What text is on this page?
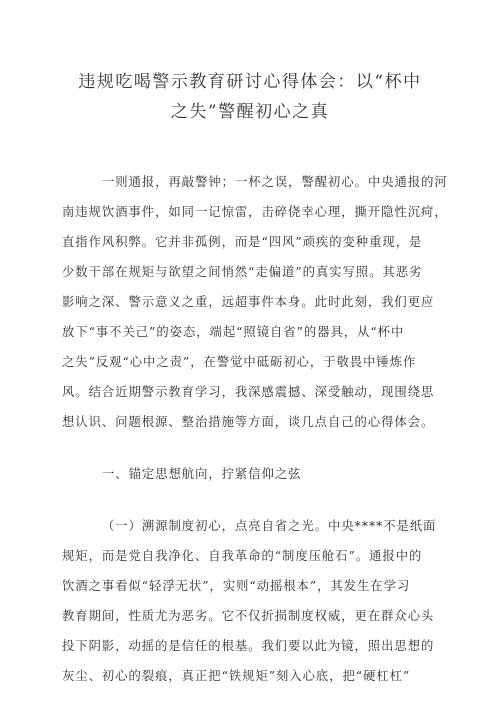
违规吃喝警示教育研讨心得体会：以“杯中
之失”警醒初心之真

一则通报，再敲警钟；一杯之误，警醒初心。中央通报的河

南违规饮酒事件，如同一记惊雷，击碎侥幸心理，撕开隐性沉疴，

直指作风积弊。它并非孤例，而是“四风”顽疾的变种重现，是

少数干部在规矩与欲望之间悄然“走偏道”的真实写照。其恶劣

影响之深、警示意义之重，远超事件本身。此时此刻，我们更应

放下“事不关己”的姿态，端起“照镜自省”的器具，从“杯中

之失”反观“心中之责”，在警觉中砥砺初心，于敬畏中锤炼作

风。结合近期警示教育学习，我深感震撼、深受触动，现围绕思

想认识、问题根源、整治措施等方面，谈几点自己的心得体会。

一、锚定思想航向，拧紧信仰之弦

（一）溯源制度初心，点亮自省之光。中央****不是纸面

规矩，而是党自我净化、自我革命的“制度压舱石”。通报中的

饮酒之事看似“轻浮无状”，实则“动摇根本”，其发生在学习

教育期间，性质尤为恶劣。它不仅折损制度权威，更在群众心头

投下阴影，动摇的是信任的根基。我们要以此为镜，照出思想的

灰尘、初心的裂痕，真正把“铁规矩”刻入心底，把“硬杠杠”
